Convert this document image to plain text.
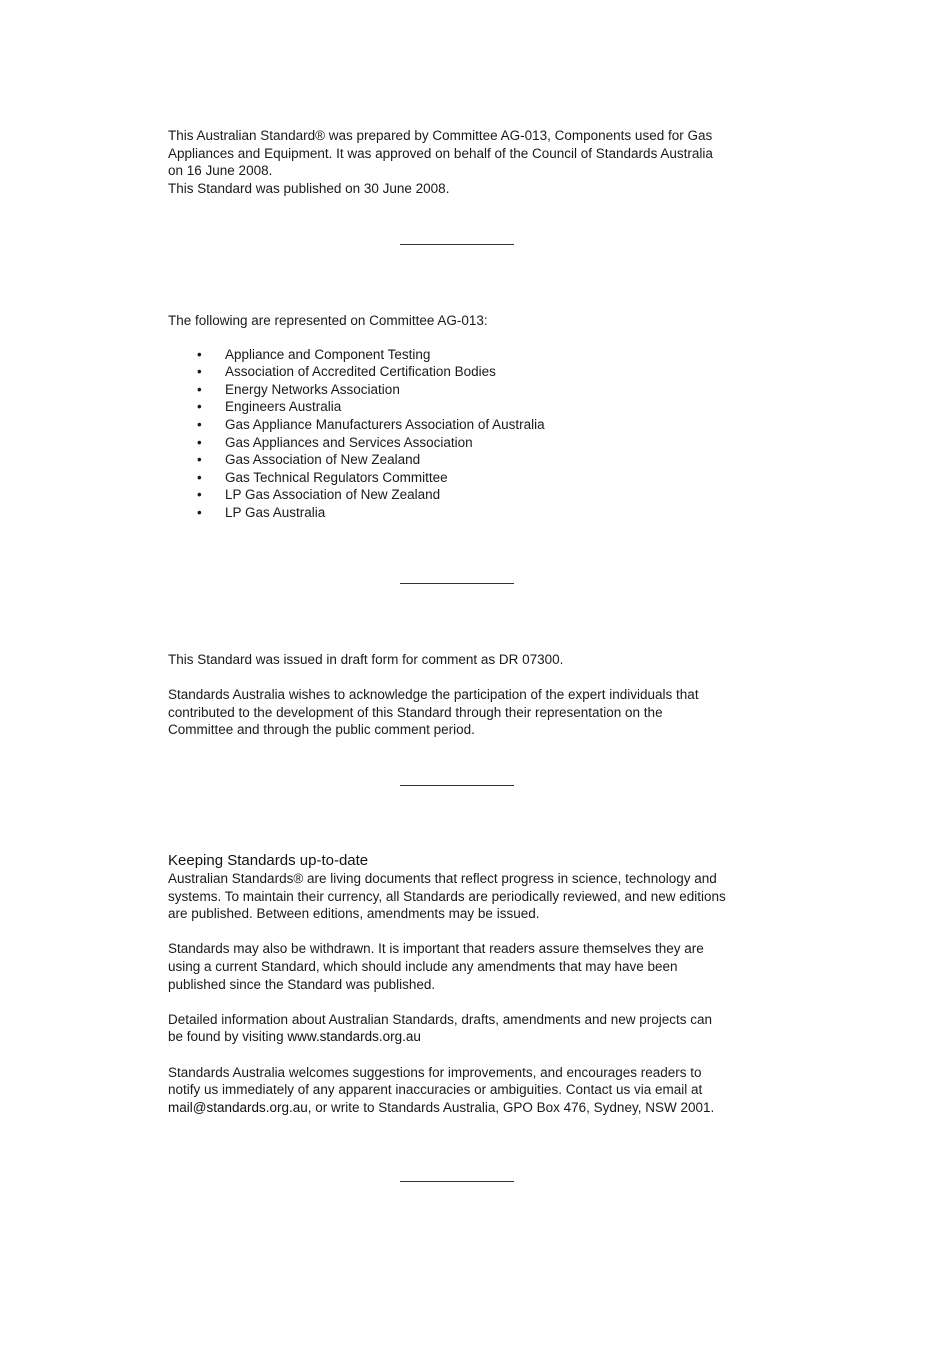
This Australian Standard® was prepared by Committee AG-013, Components used for Gas

Appliances and Equipment. It was approved on behalf of the Council of Standards Australia

on 16 June 2008.

This Standard was published on 30 June 2008.

The following are represented on Committee AG-013:

• Appliance and Component Testing
• Association of Accredited Certification Bodies
• Energy Networks Association
• Engineers Australia
• Gas Appliance Manufacturers Association of Australia
• Gas Appliances and Services Association
• Gas Association of New Zealand
• Gas Technical Regulators Committee
• LP Gas Association of New Zealand
• LP Gas Australia

This Standard was issued in draft form for comment as DR 07300.

Standards Australia wishes to acknowledge the participation of the expert individuals that

contributed to the development of this Standard through their representation on the

Committee and through the public comment period.

Keeping Standards up-to-date

Australian Standards® are living documents that reflect progress in science, technology and

systems. To maintain their currency, all Standards are periodically reviewed, and new editions

are published. Between editions, amendments may be issued.

Standards may also be withdrawn. It is important that readers assure themselves they are

using a current Standard, which should include any amendments that may have been

published since the Standard was published.

Detailed information about Australian Standards, drafts, amendments and new projects can

be found by visiting www.standards.org.au

Standards Australia welcomes suggestions for improvements, and encourages readers to

notify us immediately of any apparent inaccuracies or ambiguities. Contact us via email at

mail@standards.org.au, or write to Standards Australia, GPO Box 476, Sydney, NSW 2001.
